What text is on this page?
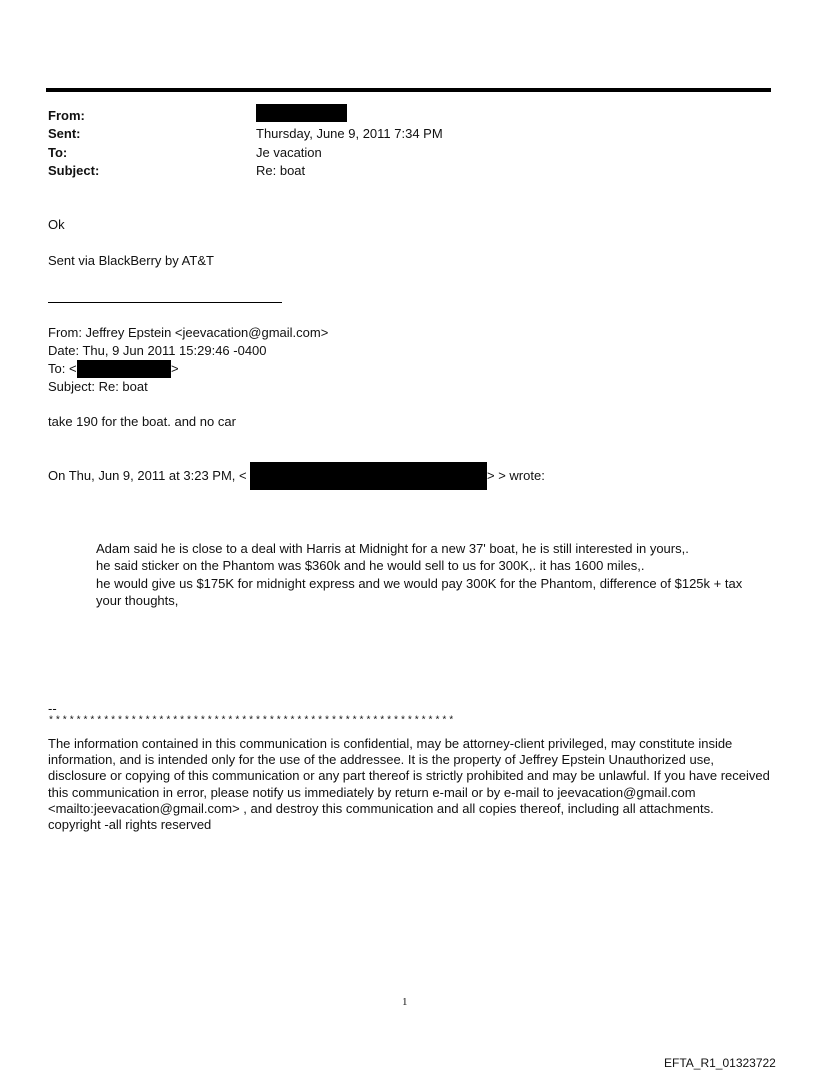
From:
Sent:	Thursday, June 9, 2011 7:34 PM
To:	Je vacation
Subject:	Re: boat
Ok
Sent via BlackBerry by AT&T
From: Jeffrey Epstein <jeevacation@gmail.com>
Date: Thu, 9 Jun 2011 15:29:46 -0400
To: <	>
Subject: Re: boat
take 190 for the boat. and no car
On Thu, Jun 9, 2011 at 3:23 PM, <	> > wrote:
Adam said he is close to a deal with Harris at Midnight for a new 37' boat, he is still interested in yours,.
he said sticker on the Phantom was $360k and he would sell to us for 300K,. it has 1600 miles,.
he would give us $175K for midnight express and we would pay 300K for the Phantom, difference of $125k + tax
your thoughts,
--
***********************************************************
The information contained in this communication is confidential, may be attorney-client privileged, may constitute inside information, and is intended only for the use of the addressee. It is the property of Jeffrey Epstein Unauthorized use, disclosure or copying of this communication or any part thereof is strictly prohibited and may be unlawful. If you have received this communication in error, please notify us immediately by return e-mail or by e-mail to jeevacation@gmail.com <mailto:jeevacation@gmail.com> , and destroy this communication and all copies thereof, including all attachments. copyright -all rights reserved
1
EFTA_R1_01323722
